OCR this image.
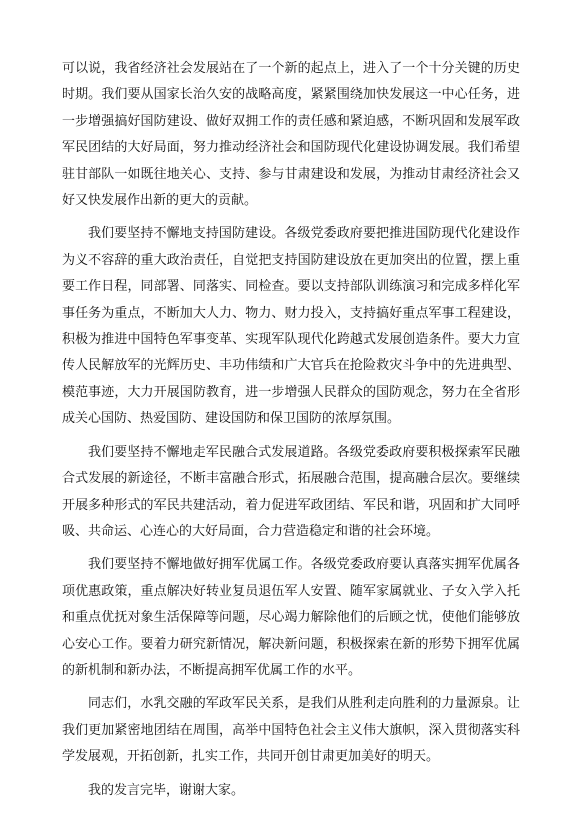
可以说，我省经济社会发展站在了一个新的起点上，进入了一个十分关键的历史时期。我们要从国家长治久安的战略高度，紧紧围绕加快发展这一中心任务，进一步增强搞好国防建设、做好双拥工作的责任感和紧迫感，不断巩固和发展军政军民团结的大好局面，努力推动经济社会和国防现代化建设协调发展。我们希望驻甘部队一如既往地关心、支持、参与甘肃建设和发展，为推动甘肃经济社会又好又快发展作出新的更大的贡献。

我们要坚持不懈地支持国防建设。各级党委政府要把推进国防现代化建设作为义不容辞的重大政治责任，自觉把支持国防建设放在更加突出的位置，摆上重要工作日程，同部署、同落实、同检查。要以支持部队训练演习和完成多样化军事任务为重点，不断加大人力、物力、财力投入，支持搞好重点军事工程建设，积极为推进中国特色军事变革、实现军队现代化跨越式发展创造条件。要大力宣传人民解放军的光辉历史、丰功伟绩和广大官兵在抢险救灾斗争中的先进典型、模范事迹，大力开展国防教育，进一步增强人民群众的国防观念，努力在全省形成关心国防、热爱国防、建设国防和保卫国防的浓厚氛围。

我们要坚持不懈地走军民融合式发展道路。各级党委政府要积极探索军民融合式发展的新途径，不断丰富融合形式，拓展融合范围，提高融合层次。要继续开展多种形式的军民共建活动，着力促进军政团结、军民和谐，巩固和扩大同呼吸、共命运、心连心的大好局面，合力营造稳定和谐的社会环境。

我们要坚持不懈地做好拥军优属工作。各级党委政府要认真落实拥军优属各项优惠政策，重点解决好转业复员退伍军人安置、随军家属就业、子女入学入托和重点优抚对象生活保障等问题，尽心竭力解除他们的后顾之忧，使他们能够放心安心工作。要着力研究新情况，解决新问题，积极探索在新的形势下拥军优属的新机制和新办法，不断提高拥军优属工作的水平。

同志们，水乳交融的军政军民关系，是我们从胜利走向胜利的力量源泉。让我们更加紧密地团结在周围，高举中国特色社会主义伟大旗帜，深入贯彻落实科学发展观，开拓创新，扎实工作，共同开创甘肃更加美好的明天。

我的发言完毕，谢谢大家。
